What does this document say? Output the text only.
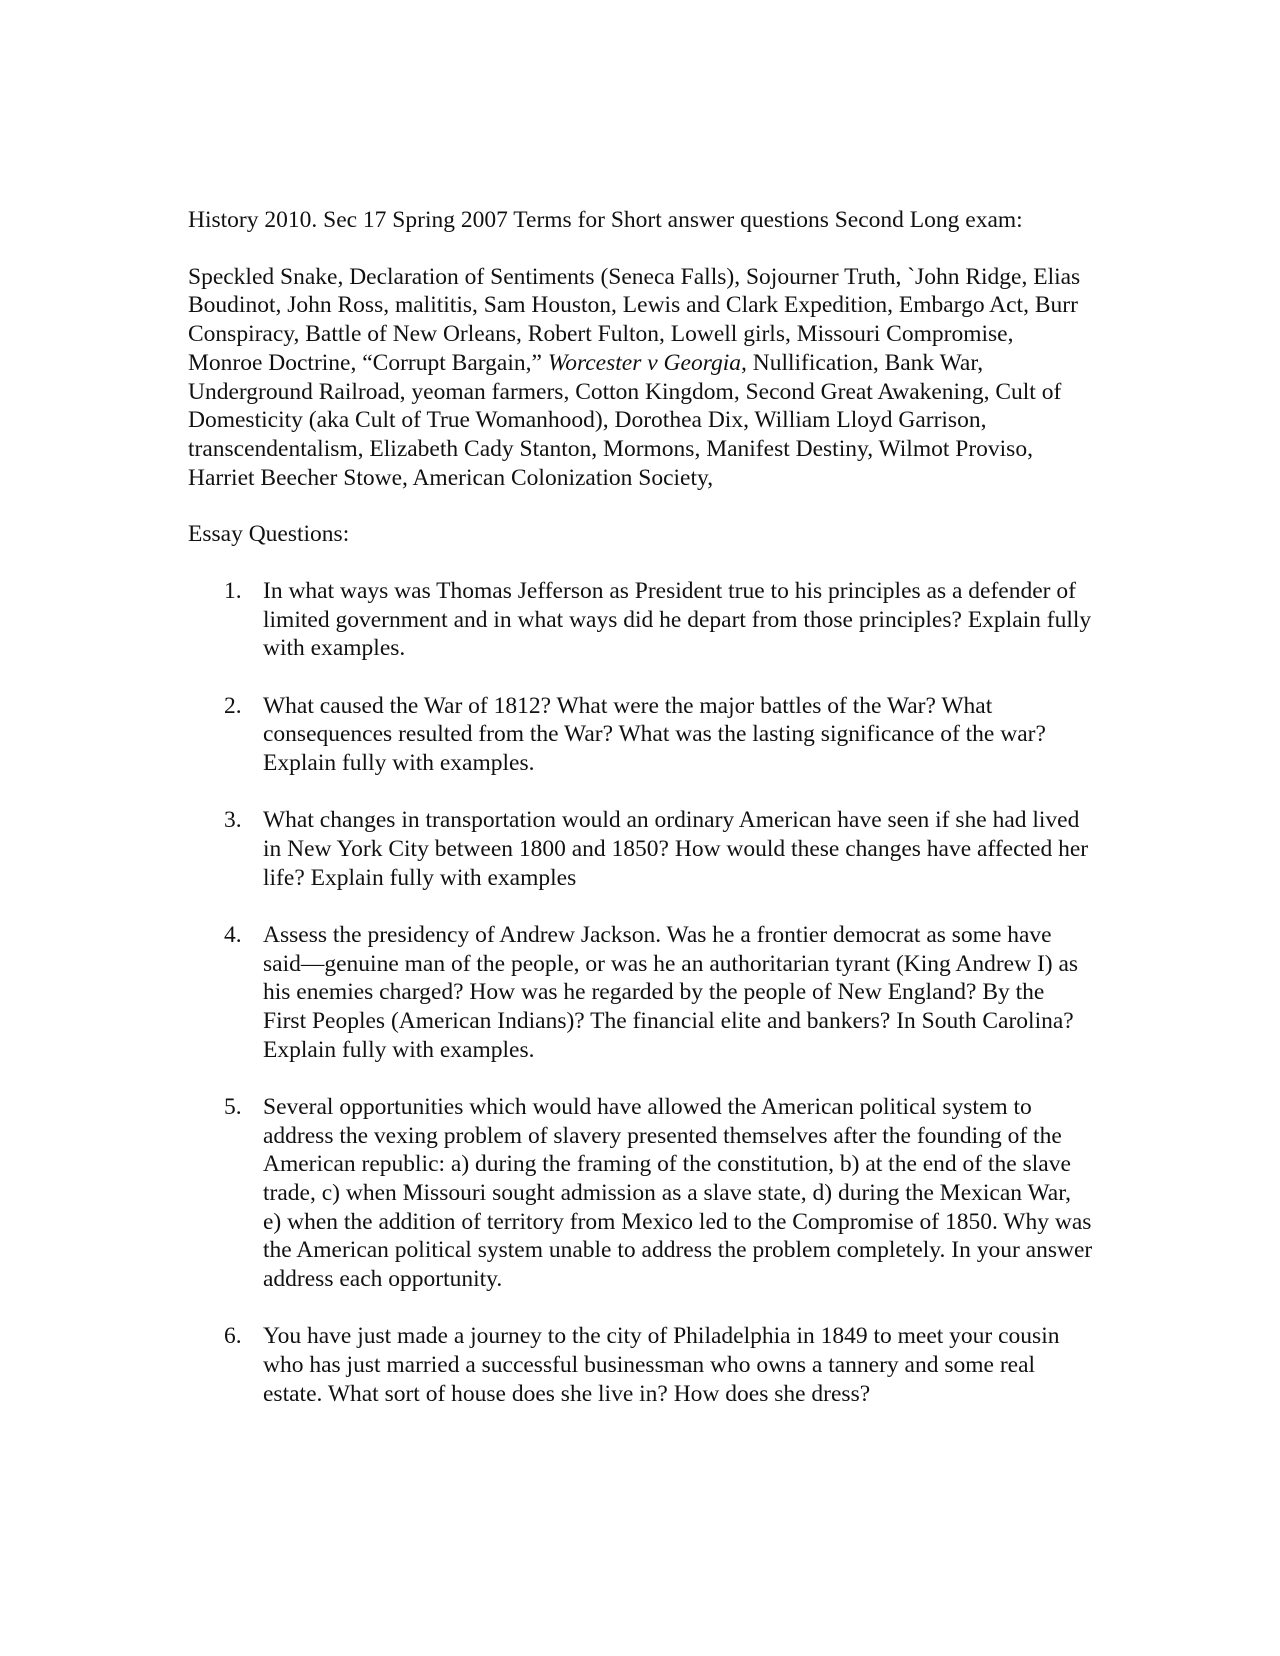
History 2010. Sec 17 Spring 2007 Terms for Short answer questions Second Long exam:

Speckled Snake, Declaration of Sentiments (Seneca Falls), Sojourner Truth, `John Ridge, Elias Boudinot, John Ross, malititis, Sam Houston, Lewis and Clark Expedition, Embargo Act, Burr Conspiracy, Battle of New Orleans, Robert Fulton, Lowell girls, Missouri Compromise, Monroe Doctrine, “Corrupt Bargain,” Worcester v Georgia, Nullification, Bank War, Underground Railroad, yeoman farmers, Cotton Kingdom, Second Great Awakening, Cult of Domesticity (aka Cult of True Womanhood), Dorothea Dix, William Lloyd Garrison, transcendentalism, Elizabeth Cady Stanton, Mormons, Manifest Destiny, Wilmot Proviso, Harriet Beecher Stowe, American Colonization Society,

Essay Questions:

1. In what ways was Thomas Jefferson as President true to his principles as a defender of limited government and in what ways did he depart from those principles? Explain fully with examples.
2. What caused the War of 1812? What were the major battles of the War? What consequences resulted from the War? What was the lasting significance of the war? Explain fully with examples.
3. What changes in transportation would an ordinary American have seen if she had lived in New York City between 1800 and 1850? How would these changes have affected her life? Explain fully with examples
4. Assess the presidency of Andrew Jackson. Was he a frontier democrat as some have said—genuine man of the people, or was he an authoritarian tyrant (King Andrew I) as his enemies charged? How was he regarded by the people of New England? By the First Peoples (American Indians)? The financial elite and bankers? In South Carolina? Explain fully with examples.
5. Several opportunities which would have allowed the American political system to address the vexing problem of slavery presented themselves after the founding of the American republic: a) during the framing of the constitution, b) at the end of the slave trade, c) when Missouri sought admission as a slave state, d) during the Mexican War, e) when the addition of territory from Mexico led to the Compromise of 1850. Why was the American political system unable to address the problem completely. In your answer address each opportunity.
6. You have just made a journey to the city of Philadelphia in 1849 to meet your cousin who has just married a successful businessman who owns a tannery and some real estate. What sort of house does she live in? How does she dress?
